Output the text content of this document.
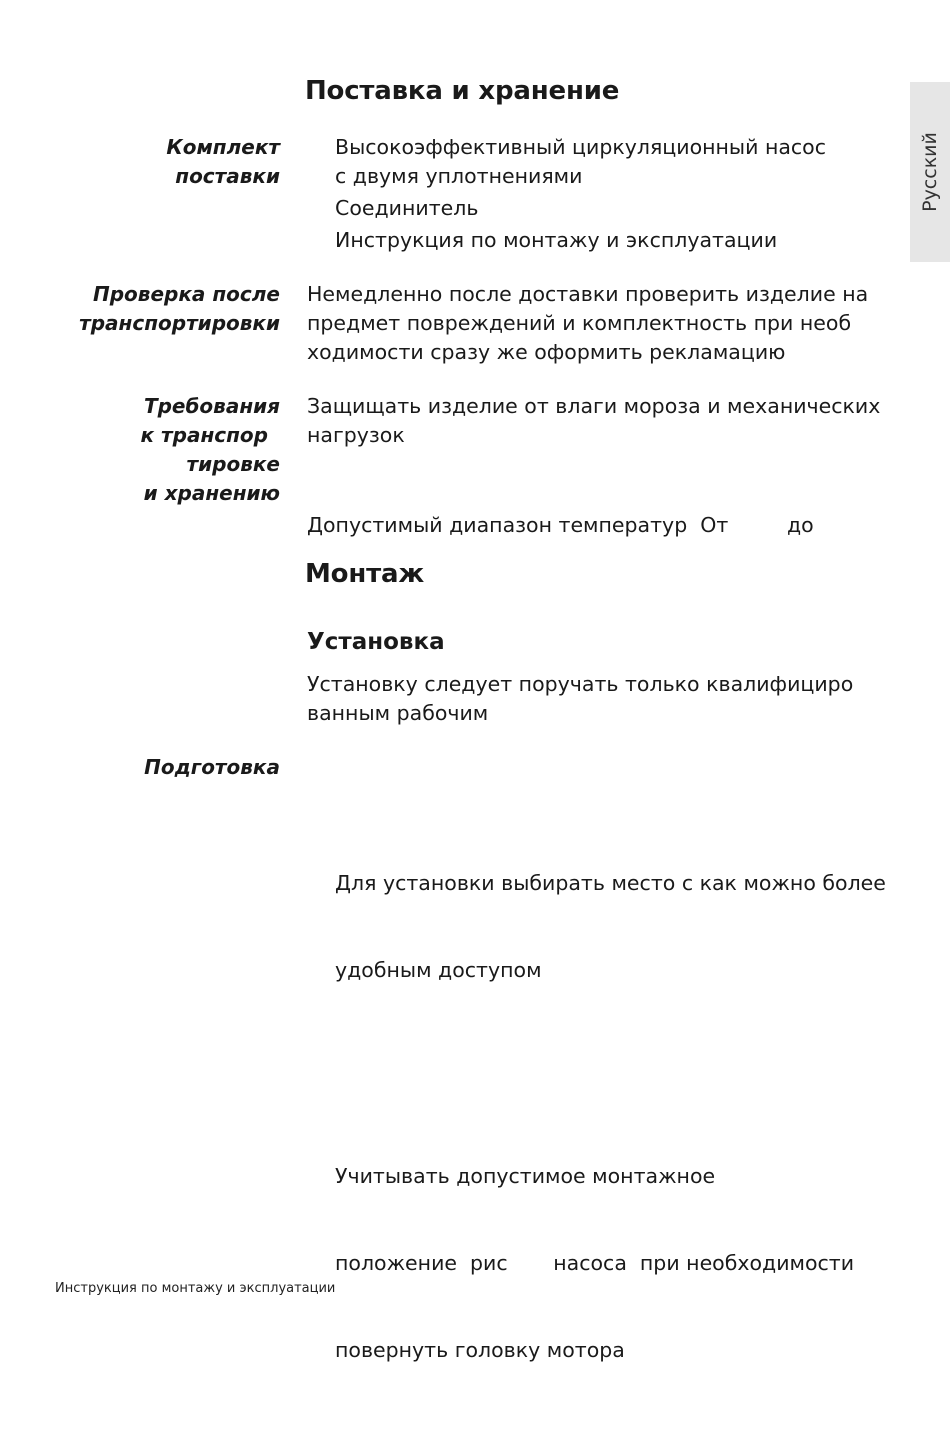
Русский
Поставка и хранение
Комплект
поставки

Высокоэффективный циркуляционный насос
с двумя уплотнениями

Соединитель

Инструкция по монтажу и эксплуатации

Проверка после
транспортировки

Немедленно после доставки проверить изделие на
предмет повреждений и комплектность при необ
ходимости сразу же оформить рекламацию

Требования
к транспор
тировке
и хранению

Защищать изделие от влаги мороза и механических
нагрузок

Допустимый диапазон температур  От         до

Монтаж
Установка

Установку следует поручать только квалифициро
ванным рабочим

Подготовка

Для установки выбирать место с как можно более

удобным доступом

Учитывать допустимое монтажное

положение  рис       насоса  при необходимости

повернуть головку мотора

Инструкция по монтажу и эксплуатации
